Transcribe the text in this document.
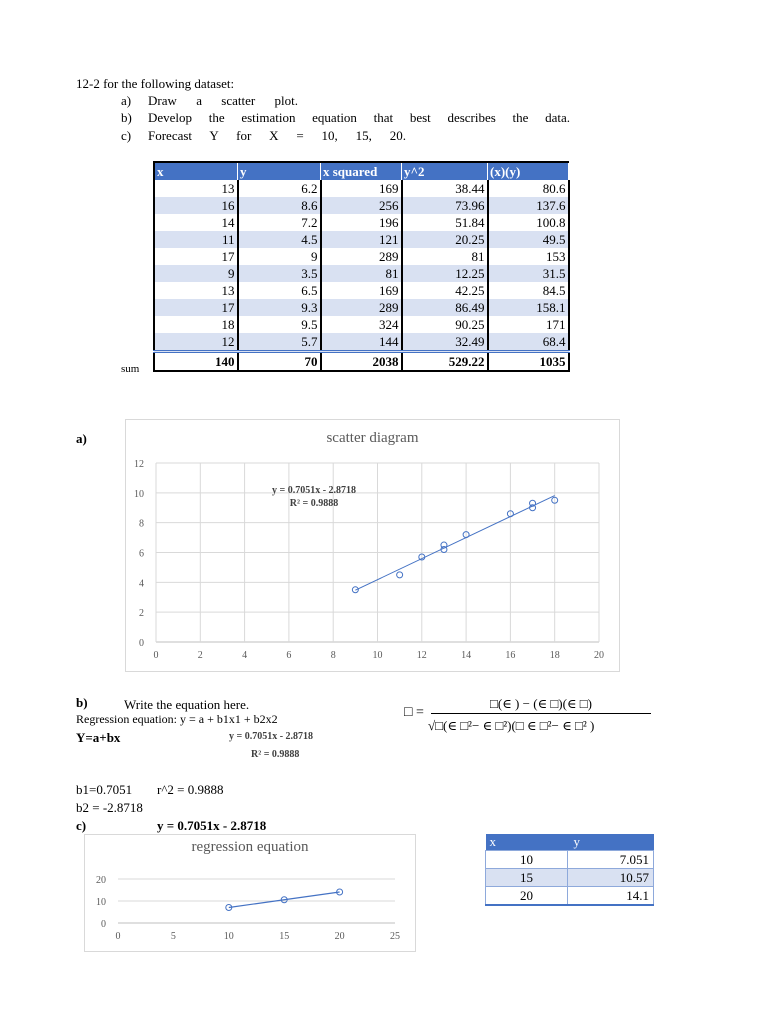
12-2 for the following dataset:
a)	Draw a scatter plot.
b)	Develop the estimation equation that best describes the data.
c)	Forecast Y for X = 10, 15, 20.
x	y	x squared	y^2	(x)(y)
13	6.2	169	38.44	80.6
16	8.6	256	73.96	137.6
14	7.2	196	51.84	100.8
11	4.5	121	20.25	49.5
17	9	289	81	153
9	3.5	81	12.25	31.5
13	6.5	169	42.25	84.5
17	9.3	289	86.49	158.1
18	9.5	324	90.25	171
12	5.7	144	32.49	68.4
140	70	2038	529.22	1035
sum
a)	scatter diagram
0
2
4
6
8
10
12
0	2	4	6	8	10	12	14	16	18	20
y = 0.7051x - 2.8718
R² = 0.9888
b)	Write the equation here.
Regression equation: y = a + b1x1 + b2x2
Y=a+bx	y = 0.7051x - 2.8718
R² = 0.9888
□ =
□(∈ ) − (∈ □)(∈ □)
√□(∈ □²− ∈ □²)(□ ∈ □²− ∈ □² )
b1=0.7051 r^2 = 0.9888
b2 = -2.8718
c)	y = 0.7051x - 2.8718
regression equation
0
10
20
0	5	10	15	20	25
x	y
10	7.051
15	10.57
20	14.1
